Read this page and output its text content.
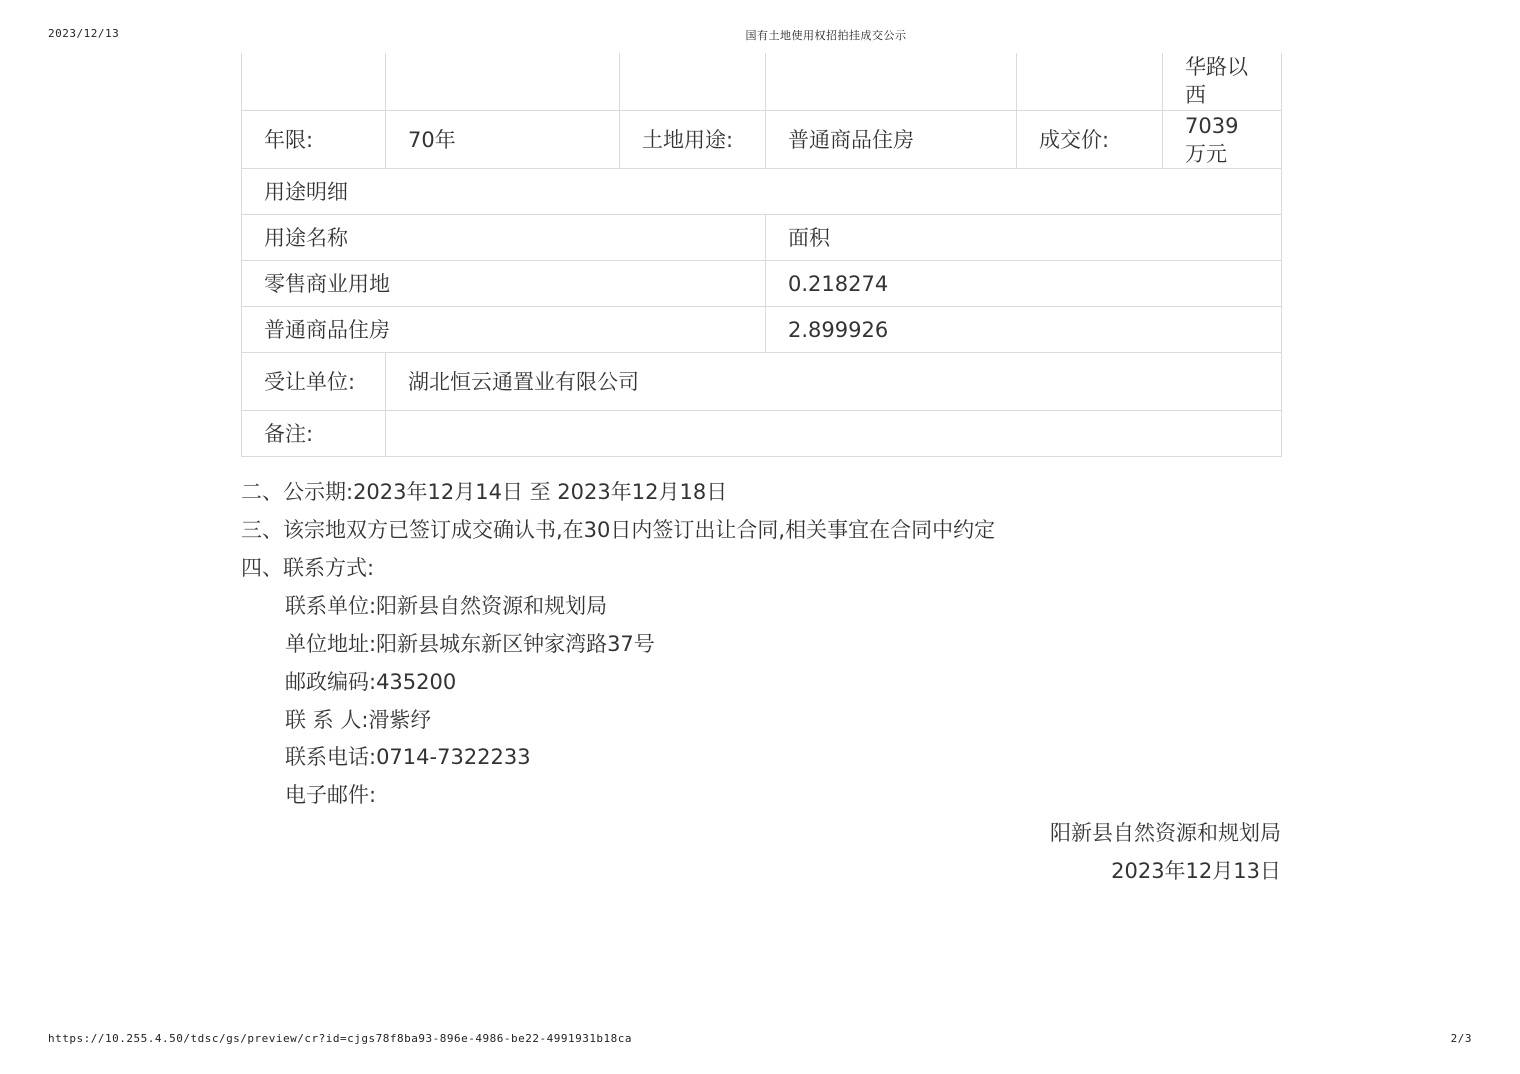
2023/12/13	国有土地使用权招拍挂成交公示
					华路以西
年限:	70年	土地用途:	普通商品住房	成交价:	7039万元
用途明细					
用途名称			面积		
零售商业用地			0.218274		
普通商品住房			2.899926		
受让单位:	湖北恒云通置业有限公司				
备注:					
二、公示期:2023年12月14日 至 2023年12月18日
三、该宗地双方已签订成交确认书,在30日内签订出让合同,相关事宜在合同中约定
四、联系方式:
联系单位:阳新县自然资源和规划局
单位地址:阳新县城东新区钟家湾路37号
邮政编码:435200
联 系 人:滑紫纾
联系电话:0714-7322233
电子邮件:
阳新县自然资源和规划局
2023年12月13日
https://10.255.4.50/tdsc/gs/preview/cr?id=cjgs78f8ba93-896e-4986-be22-4991931b18ca	2/3
